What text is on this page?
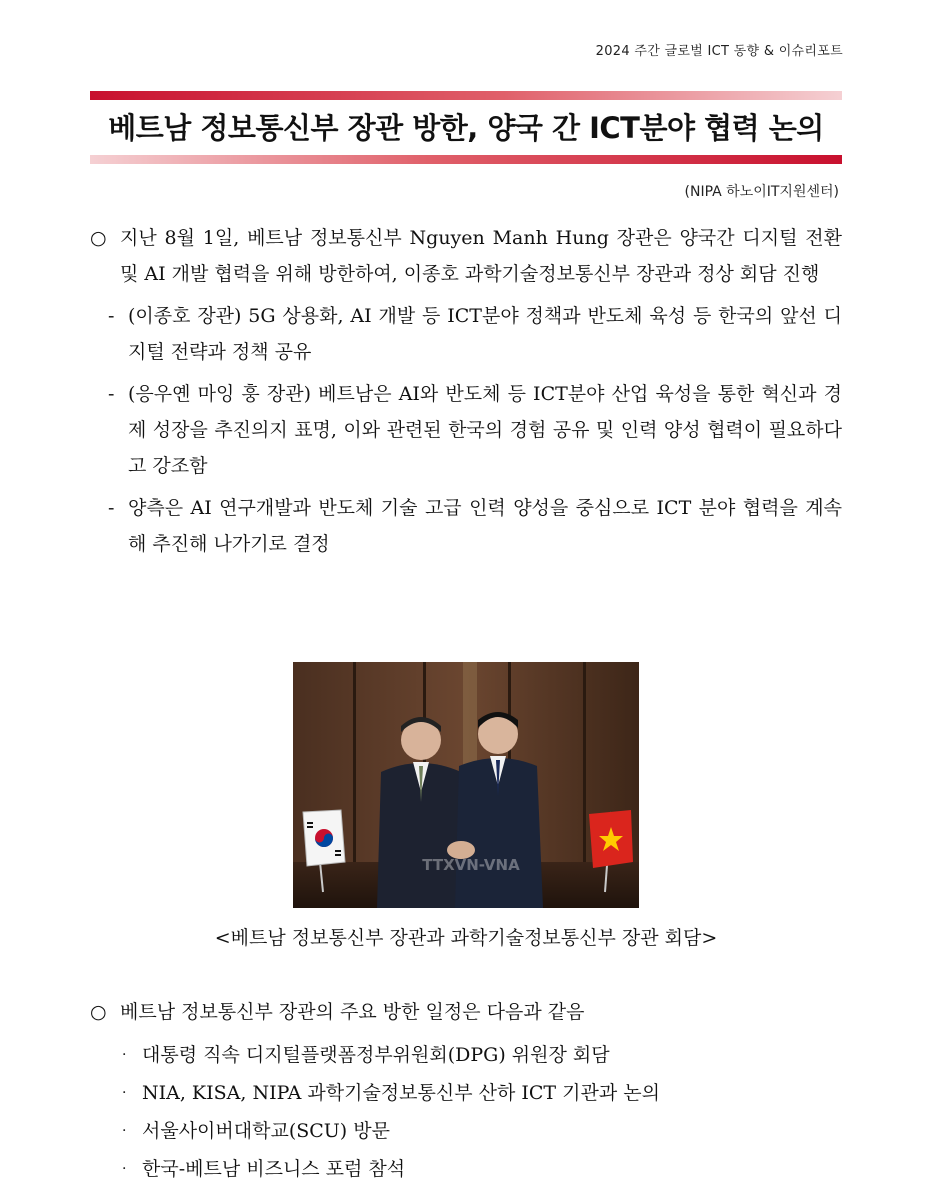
2024 주간 글로벌 ICT 동향 & 이슈리포트
베트남 정보통신부 장관 방한, 양국 간 ICT분야 협력 논의
(NIPA 하노이IT지원센터)
○ 지난 8월 1일, 베트남 정보통신부 Nguyen Manh Hung 장관은 양국간 디지털 전환 및 AI 개발 협력을 위해 방한하여, 이종호 과학기술정보통신부 장관과 정상 회담 진행
- (이종호 장관) 5G 상용화, AI 개발 등 ICT분야 정책과 반도체 육성 등 한국의 앞선 디지털 전략과 정책 공유
- (응우옌 마잉 훙 장관) 베트남은 AI와 반도체 등 ICT분야 산업 육성을 통한 혁신과 경제 성장을 추진의지 표명, 이와 관련된 한국의 경험 공유 및 인력 양성 협력이 필요하다고 강조함
- 양측은 AI 연구개발과 반도체 기술 고급 인력 양성을 중심으로 ICT 분야 협력을 계속해 추진해 나가기로 결정
TTXVN-VNA
<베트남 정보통신부 장관과 과학기술정보통신부 장관 회담>
○ 베트남 정보통신부 장관의 주요 방한 일정은 다음과 같음
· 대통령 직속 디지털플랫폼정부위원회(DPG) 위원장 회담
· NIA, KISA, NIPA 과학기술정보통신부 산하 ICT 기관과 논의
· 서울사이버대학교(SCU) 방문
· 한국-베트남 비즈니스 포럼 참석
